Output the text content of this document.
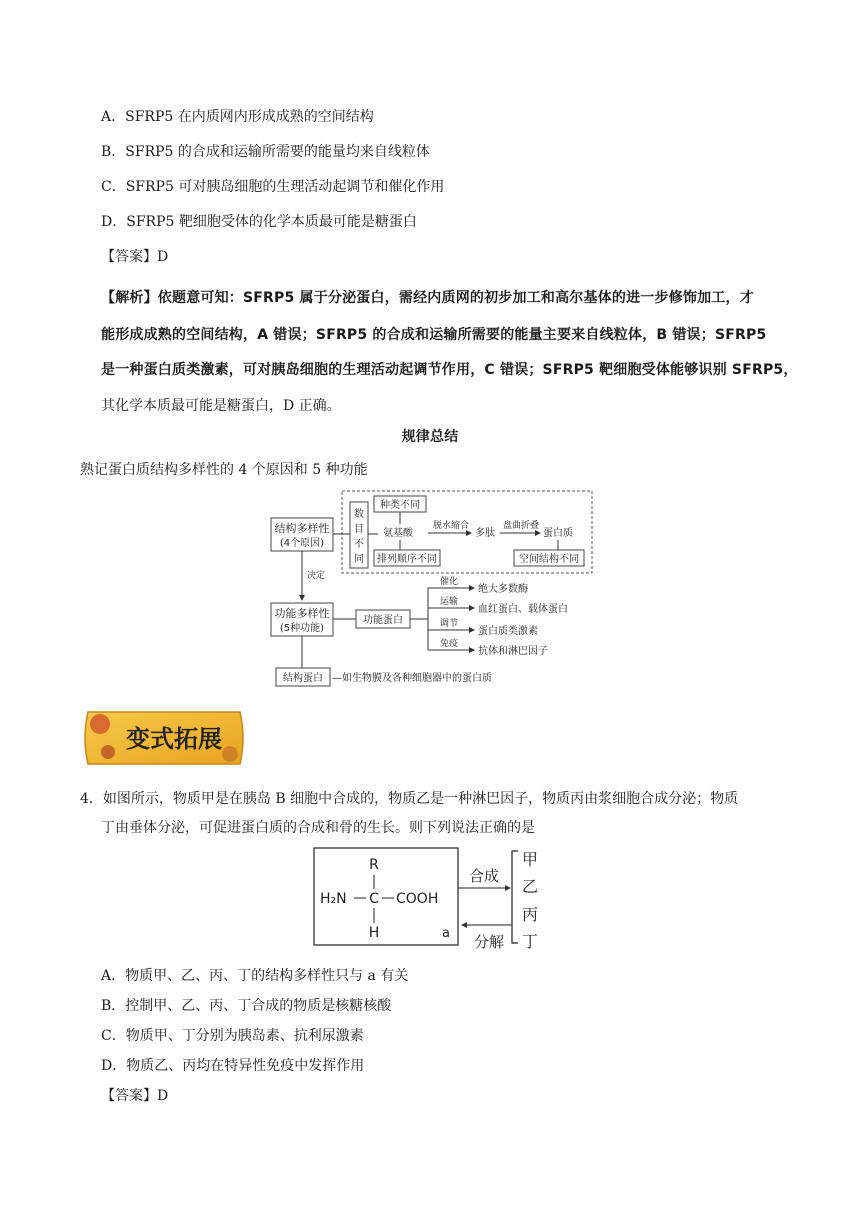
A．SFRP5 在内质网内形成成熟的空间结构
B．SFRP5 的合成和运输所需要的能量均来自线粒体
C．SFRP5 可对胰岛细胞的生理活动起调节和催化作用
D．SFRP5 靶细胞受体的化学本质最可能是糖蛋白
【答案】D
【解析】依题意可知：SFRP5 属于分泌蛋白，需经内质网的初步加工和高尔基体的进一步修饰加工，才
能形成成熟的空间结构，A 错误；SFRP5 的合成和运输所需要的能量主要来自线粒体，B 错误；SFRP5
是一种蛋白质类激素，可对胰岛细胞的生理活动起调节作用，C 错误；SFRP5 靶细胞受体能够识别 SFRP5，
其化学本质最可能是糖蛋白，D 正确。
规律总结
熟记蛋白质结构多样性的 4 个原因和 5 种功能
结构多样性
(4个原因)
数
目
不
同
种类不同
氨基酸
排列顺序不同
脱水缩合
多肽
盘曲折叠
蛋白质
空间结构不同
决定
功能多样性
(5种功能)
功能蛋白
催化
绝大多数酶
运输
血红蛋白、载体蛋白
调节
蛋白质类激素
免疫
抗体和淋巴因子
结构蛋白 —如生物膜及各种细胞器中的蛋白质
变式拓展
4．如图所示，物质甲是在胰岛 B 细胞中合成的，物质乙是一种淋巴因子，物质丙由浆细胞合成分泌；物质
丁由垂体分泌，可促进蛋白质的合成和骨的生长。则下列说法正确的是
R
H₂N C COOH
H	a
合成
分解
甲
乙
丙
丁
A．物质甲、乙、丙、丁的结构多样性只与 a 有关
B．控制甲、乙、丙、丁合成的物质是核糖核酸
C．物质甲、丁分别为胰岛素、抗利尿激素
D．物质乙、丙均在特异性免疫中发挥作用
【答案】D
